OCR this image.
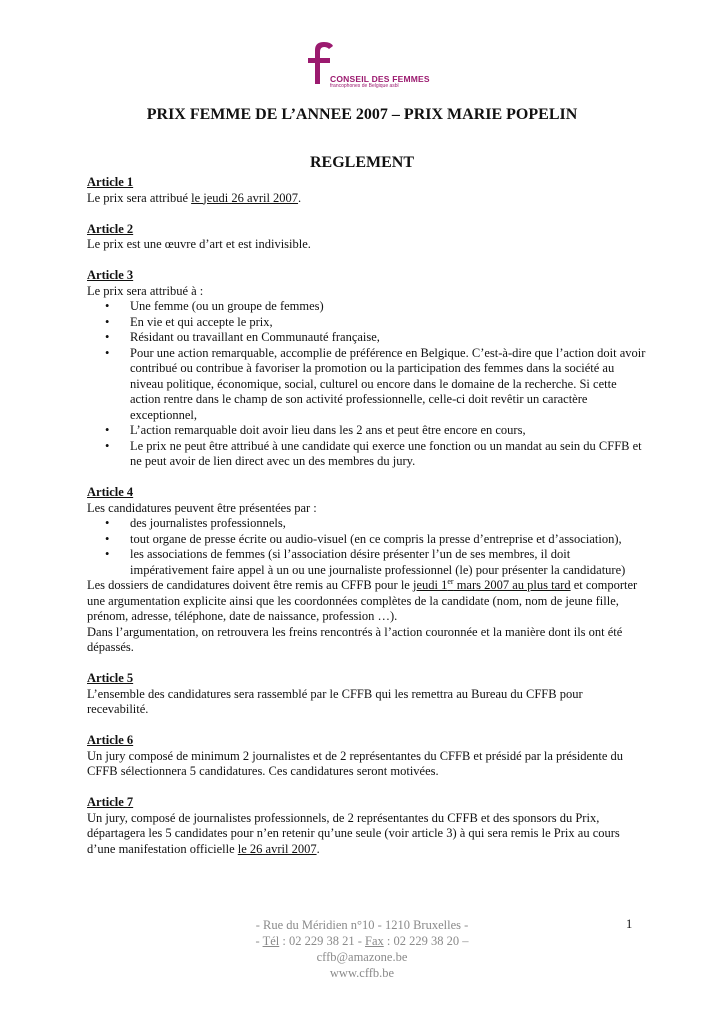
CONSEIL DES FEMMES
francophones de Belgique asbl
PRIX FEMME DE L’ANNEE 2007 – PRIX MARIE POPELIN
REGLEMENT
Article 1

Le prix sera attribué le jeudi 26 avril 2007.

Article 2

Le prix est une œuvre d’art et est indivisible.

Article 3

Le prix sera attribué à :

• Une femme (ou un groupe de femmes)
• En vie et qui accepte le prix,
• Résidant ou travaillant en Communauté française,
• Pour une action remarquable, accomplie de préférence en Belgique. C’est-à-dire que l’action doit avoir contribué ou contribue à favoriser la promotion ou la participation des femmes dans la société au niveau politique, économique, social, culturel ou encore dans le domaine de la recherche. Si cette action rentre dans le champ de son activité professionnelle, celle-ci doit revêtir un caractère exceptionnel,
• L’action remarquable doit avoir lieu dans les 2 ans et peut être encore en cours,
• Le prix ne peut être attribué à une candidate qui exerce une fonction ou un mandat au sein du CFFB et ne peut avoir de lien direct avec un des membres du jury.
Article 4

Les candidatures peuvent être présentées par :

• des journalistes professionnels,
• tout organe de presse écrite ou audio-visuel (en ce compris la presse d’entreprise et d’association),
• les associations de femmes (si l’association désire présenter l’un de ses membres, il doit impérativement faire appel à un ou une journaliste professionnel (le) pour présenter la candidature)

Les dossiers de candidatures doivent être remis au CFFB pour le jeudi 1er mars 2007 au plus tard et comporter une argumentation explicite ainsi que les coordonnées complètes de la candidate (nom, nom de jeune fille, prénom, adresse, téléphone, date de naissance, profession …).

Dans l’argumentation, on retrouvera les freins rencontrés à l’action couronnée et la manière dont ils ont été dépassés.

Article 5

L’ensemble des candidatures sera rassemblé par le CFFB qui les remettra au Bureau du CFFB pour recevabilité.

Article 6

Un jury composé de minimum 2 journalistes et de 2 représentantes du CFFB et présidé par la présidente du CFFB sélectionnera 5 candidatures. Ces candidatures seront motivées.

Article 7

Un jury, composé de journalistes professionnels, de 2 représentantes du CFFB et des sponsors du Prix, départagera les 5 candidates pour n’en retenir qu’une seule (voir article 3) à qui sera remis le Prix au cours d’une manifestation officielle le 26 avril 2007.

- Rue du Méridien n°10 - 1210 Bruxelles -
- Tél : 02 229 38 21 - Fax : 02 229 38 20 –
cffb@amazone.be
www.cffb.be
1
